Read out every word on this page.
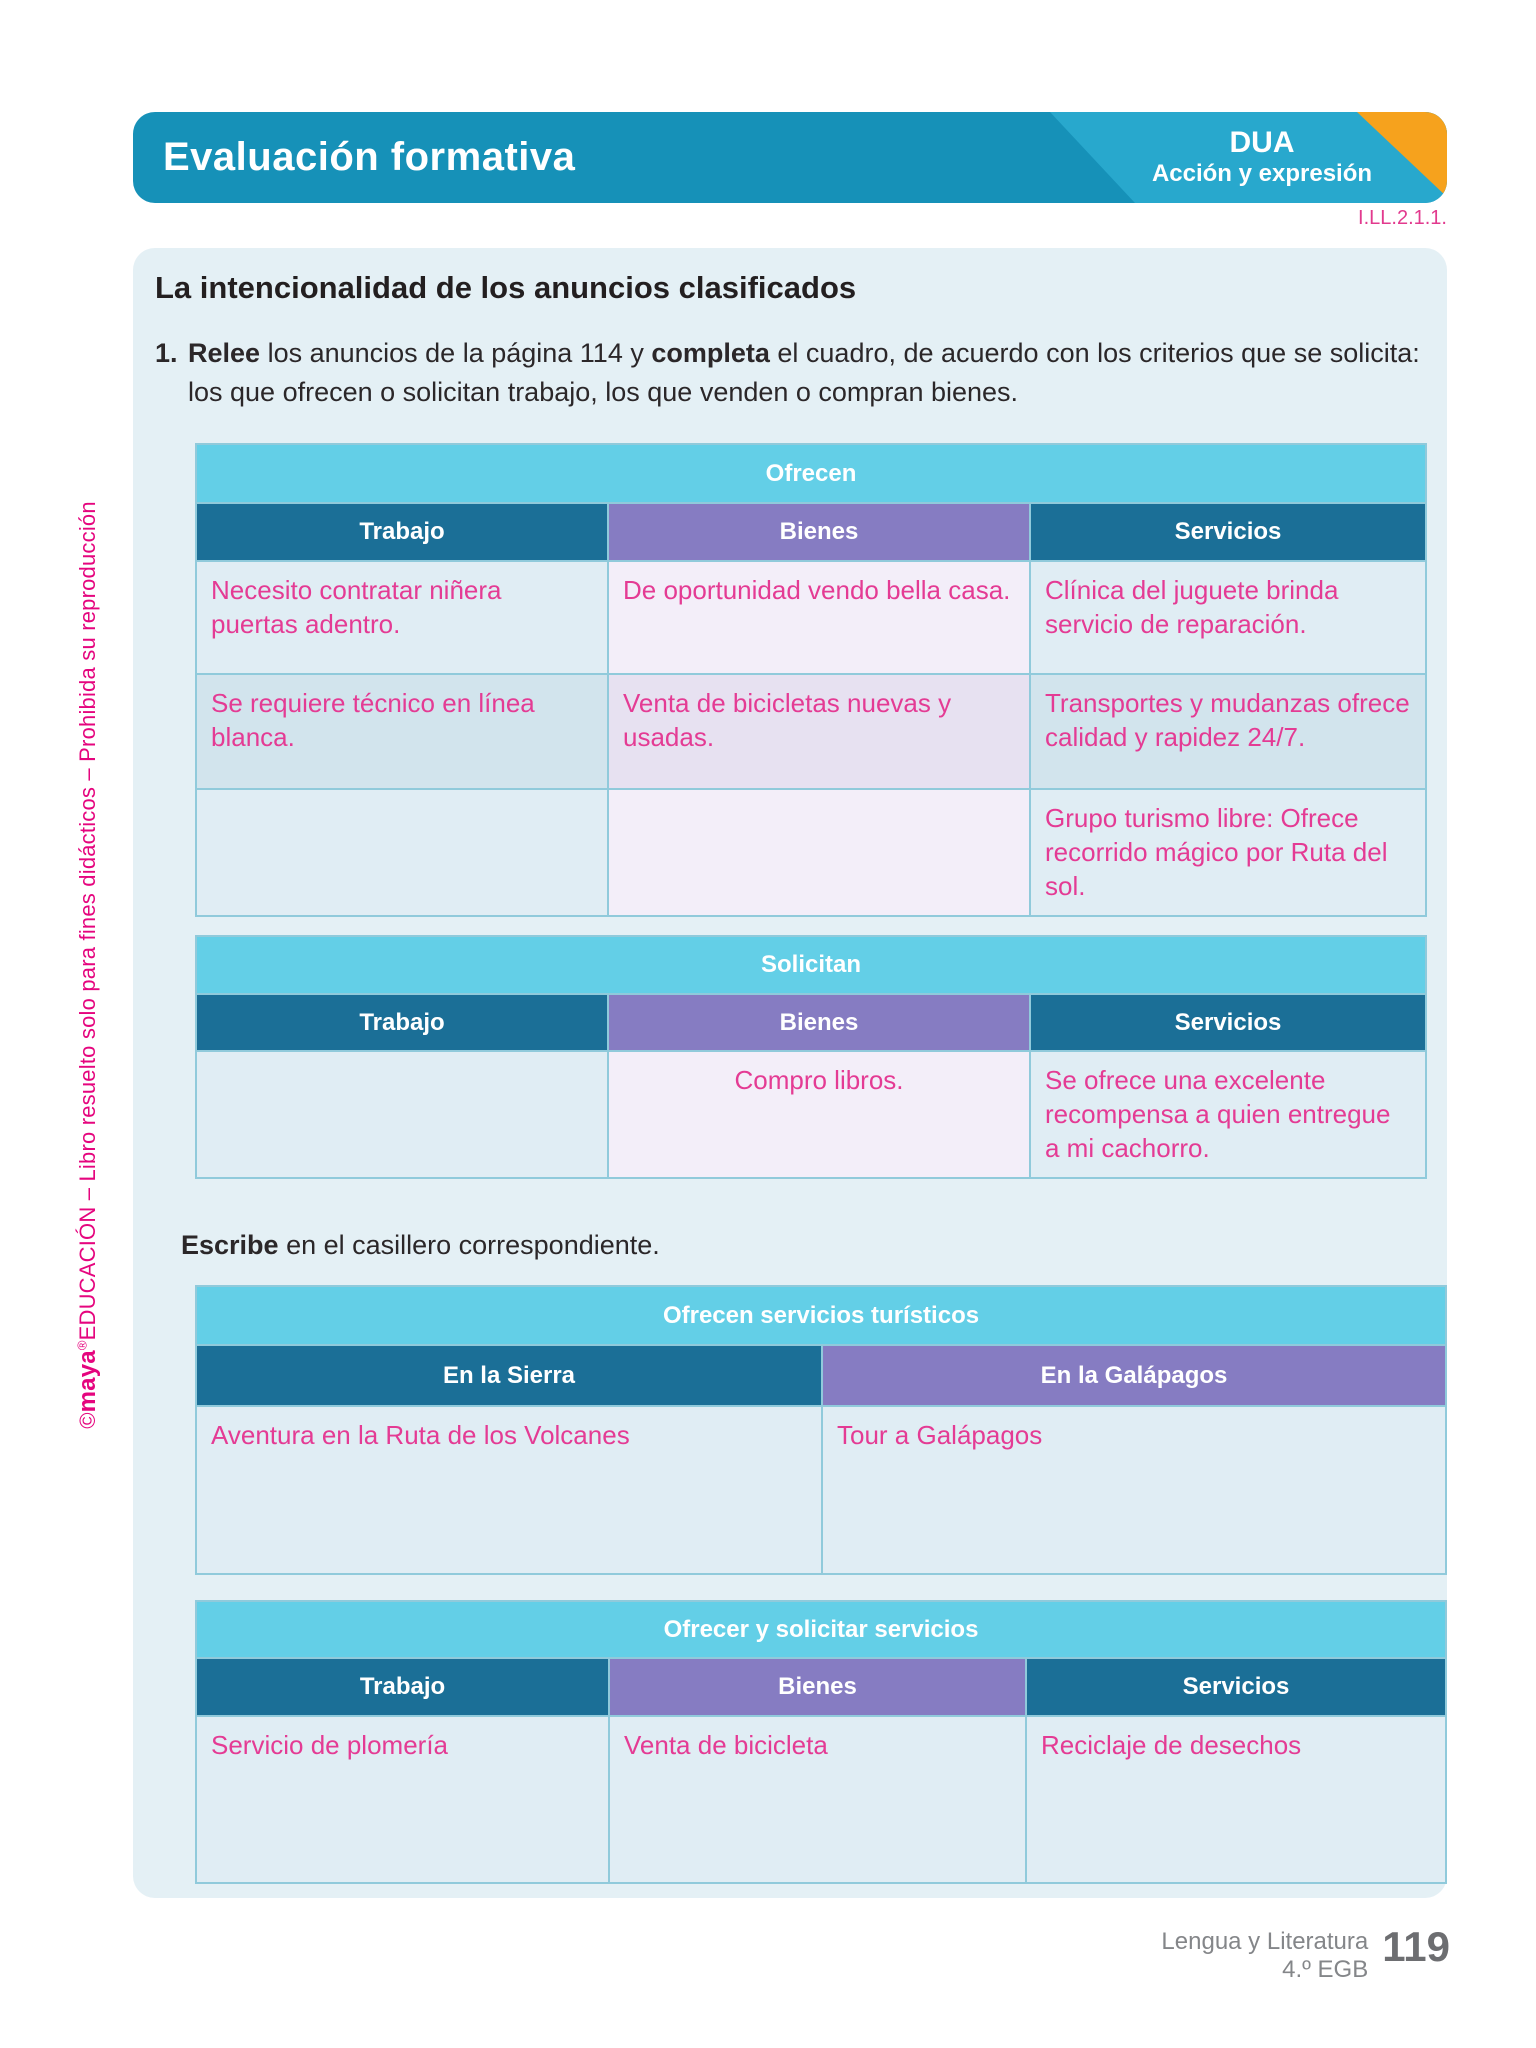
©maya®EDUCACIÓN – Libro resuelto solo para fines didácticos – Prohibida su reproducción
Evaluación formativa	DUA
Acción y expresión
I.LL.2.1.1.
La intencionalidad de los anuncios clasificados
1. Relee los anuncios de la página 114 y completa el cuadro, de acuerdo con los criterios que se solicita: los que ofrecen o solicitan trabajo, los que venden o compran bienes.

Ofrecen		
Trabajo	Bienes	Servicios
Necesito contratar niñera puertas adentro.	De oportunidad vendo bella casa.	Clínica del juguete brinda servicio de reparación.
Se requiere técnico en línea blanca.	Venta de bicicletas nuevas y usadas.	Transportes y mudanzas ofrece calidad y rapidez 24/7.
		Grupo turismo libre: Ofrece recorrido mágico por Ruta del sol.
Solicitan		
Trabajo	Bienes	Servicios
	Compro libros.	Se ofrece una excelente recompensa a quien entregue a mi cachorro.

Escribe en el casillero correspondiente.

Ofrecen servicios turísticos	
En la Sierra	En la Galápagos
Aventura en la Ruta de los Volcanes	Tour a Galápagos
Ofrecer y solicitar servicios		
Trabajo	Bienes	Servicios
Servicio de plomería	Venta de bicicleta	Reciclaje de desechos
Lengua y Literatura
4.º EGB 119
